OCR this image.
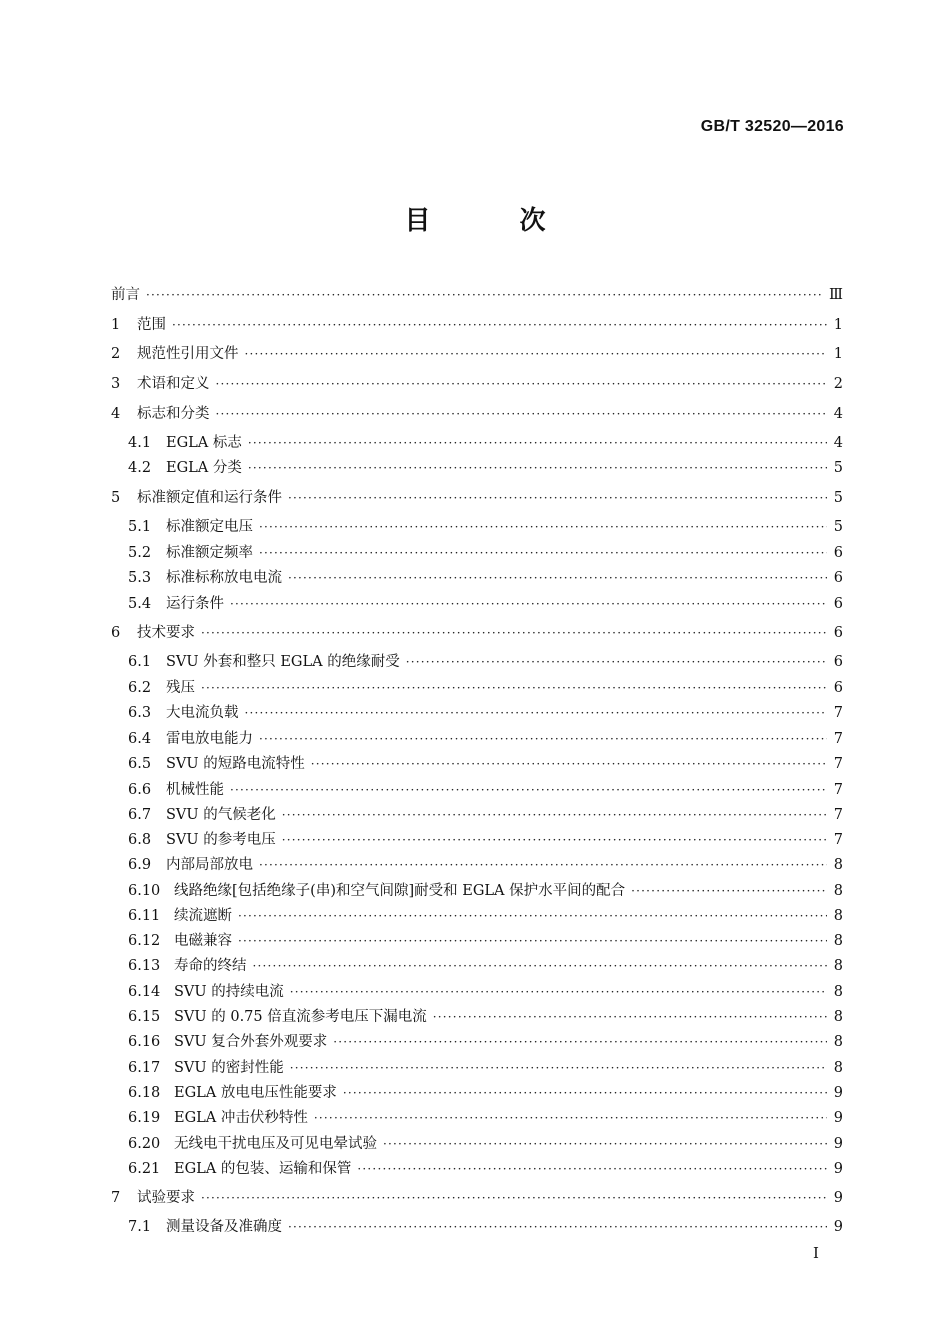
GB/T 32520—2016
目 次
前言 ·····	Ⅲ
1	范围 ·····	1
2	规范性引用文件 ·····	1
3	术语和定义 ·····	2
4	标志和分类 ·····	4
4.1	EGLA 标志 ·····	4
4.2	EGLA 分类 ·····	5
5	标准额定值和运行条件 ·····	5
5.1	标准额定电压 ·····	5
5.2	标准额定频率 ·····	6
5.3	标准标称放电电流 ·····	6
5.4	运行条件 ·····	6
6	技术要求 ·····	6
6.1	SVU 外套和整只 EGLA 的绝缘耐受 ·····	6
6.2	残压 ·····	6
6.3	大电流负载 ·····	7
6.4	雷电放电能力 ·····	7
6.5	SVU 的短路电流特性 ·····	7
6.6	机械性能 ·····	7
6.7	SVU 的气候老化 ·····	7
6.8	SVU 的参考电压 ·····	7
6.9	内部局部放电 ·····	8
6.10 线路绝缘[包括绝缘子(串)和空气间隙]耐受和 EGLA 保护水平间的配合 ·····	8
6.11 续流遮断 ·····	8
6.12 电磁兼容 ·····	8
6.13 寿命的终结 ·····	8
6.14 SVU 的持续电流 ·····	8
6.15 SVU 的 0.75 倍直流参考电压下漏电流 ·····	8
6.16 SVU 复合外套外观要求 ·····	8
6.17 SVU 的密封性能 ·····	8
6.18 EGLA 放电电压性能要求 ·····	9
6.19 EGLA 冲击伏秒特性 ·····	9
6.20 无线电干扰电压及可见电晕试验 ·····	9
6.21 EGLA 的包装、运输和保管 ·····	9
7	试验要求 ·····	9
7.1	测量设备及准确度 ·····	9
I
